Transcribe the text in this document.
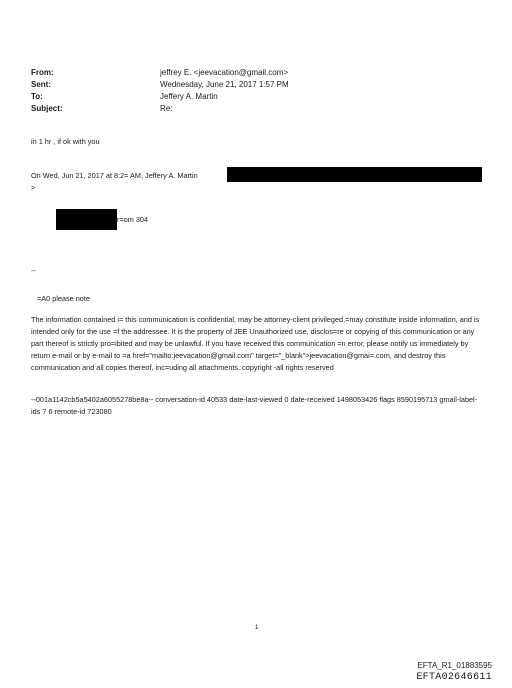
From:	jeffrey E. <jeevacation@gmail.com>
Sent:	Wednesday, June 21, 2017 1:57 PM
To:	Jeffery A. Martin
Subject:	Re:
in 1 hr , if ok with you
On Wed, Jun 21, 2017 at 8:2= AM, Jeffery A. Martin
>
r=om 304
--
=A0 please note
The information contained i= this communication is confidential, may be attorney-client privileged,=may constitute inside information, and is intended only for the use =f the addressee. It is the property of JEE Unauthorized use, disclos=re or copying of this communication or any part thereof is strictly pro=ibited and may be unlawful. If you have received this communication =n error, please notify us immediately by return e-mail or by e-mail to =a href="mailto:jeevacation@gmail.com" target="_blank">jeevacation@gmai=.com, and destroy this communication and all copies thereof, inc=uding all attachments. copyright -all rights reserved
--001a1142cb5a5402a6055278be8a-- conversation-id 40533 date-last-viewed 0 date-received 1498053426 flags 8590195713 gmail-label-ids 7 6 remote-id 723080
1
EFTA_R1_01883595
EFTA02646611
